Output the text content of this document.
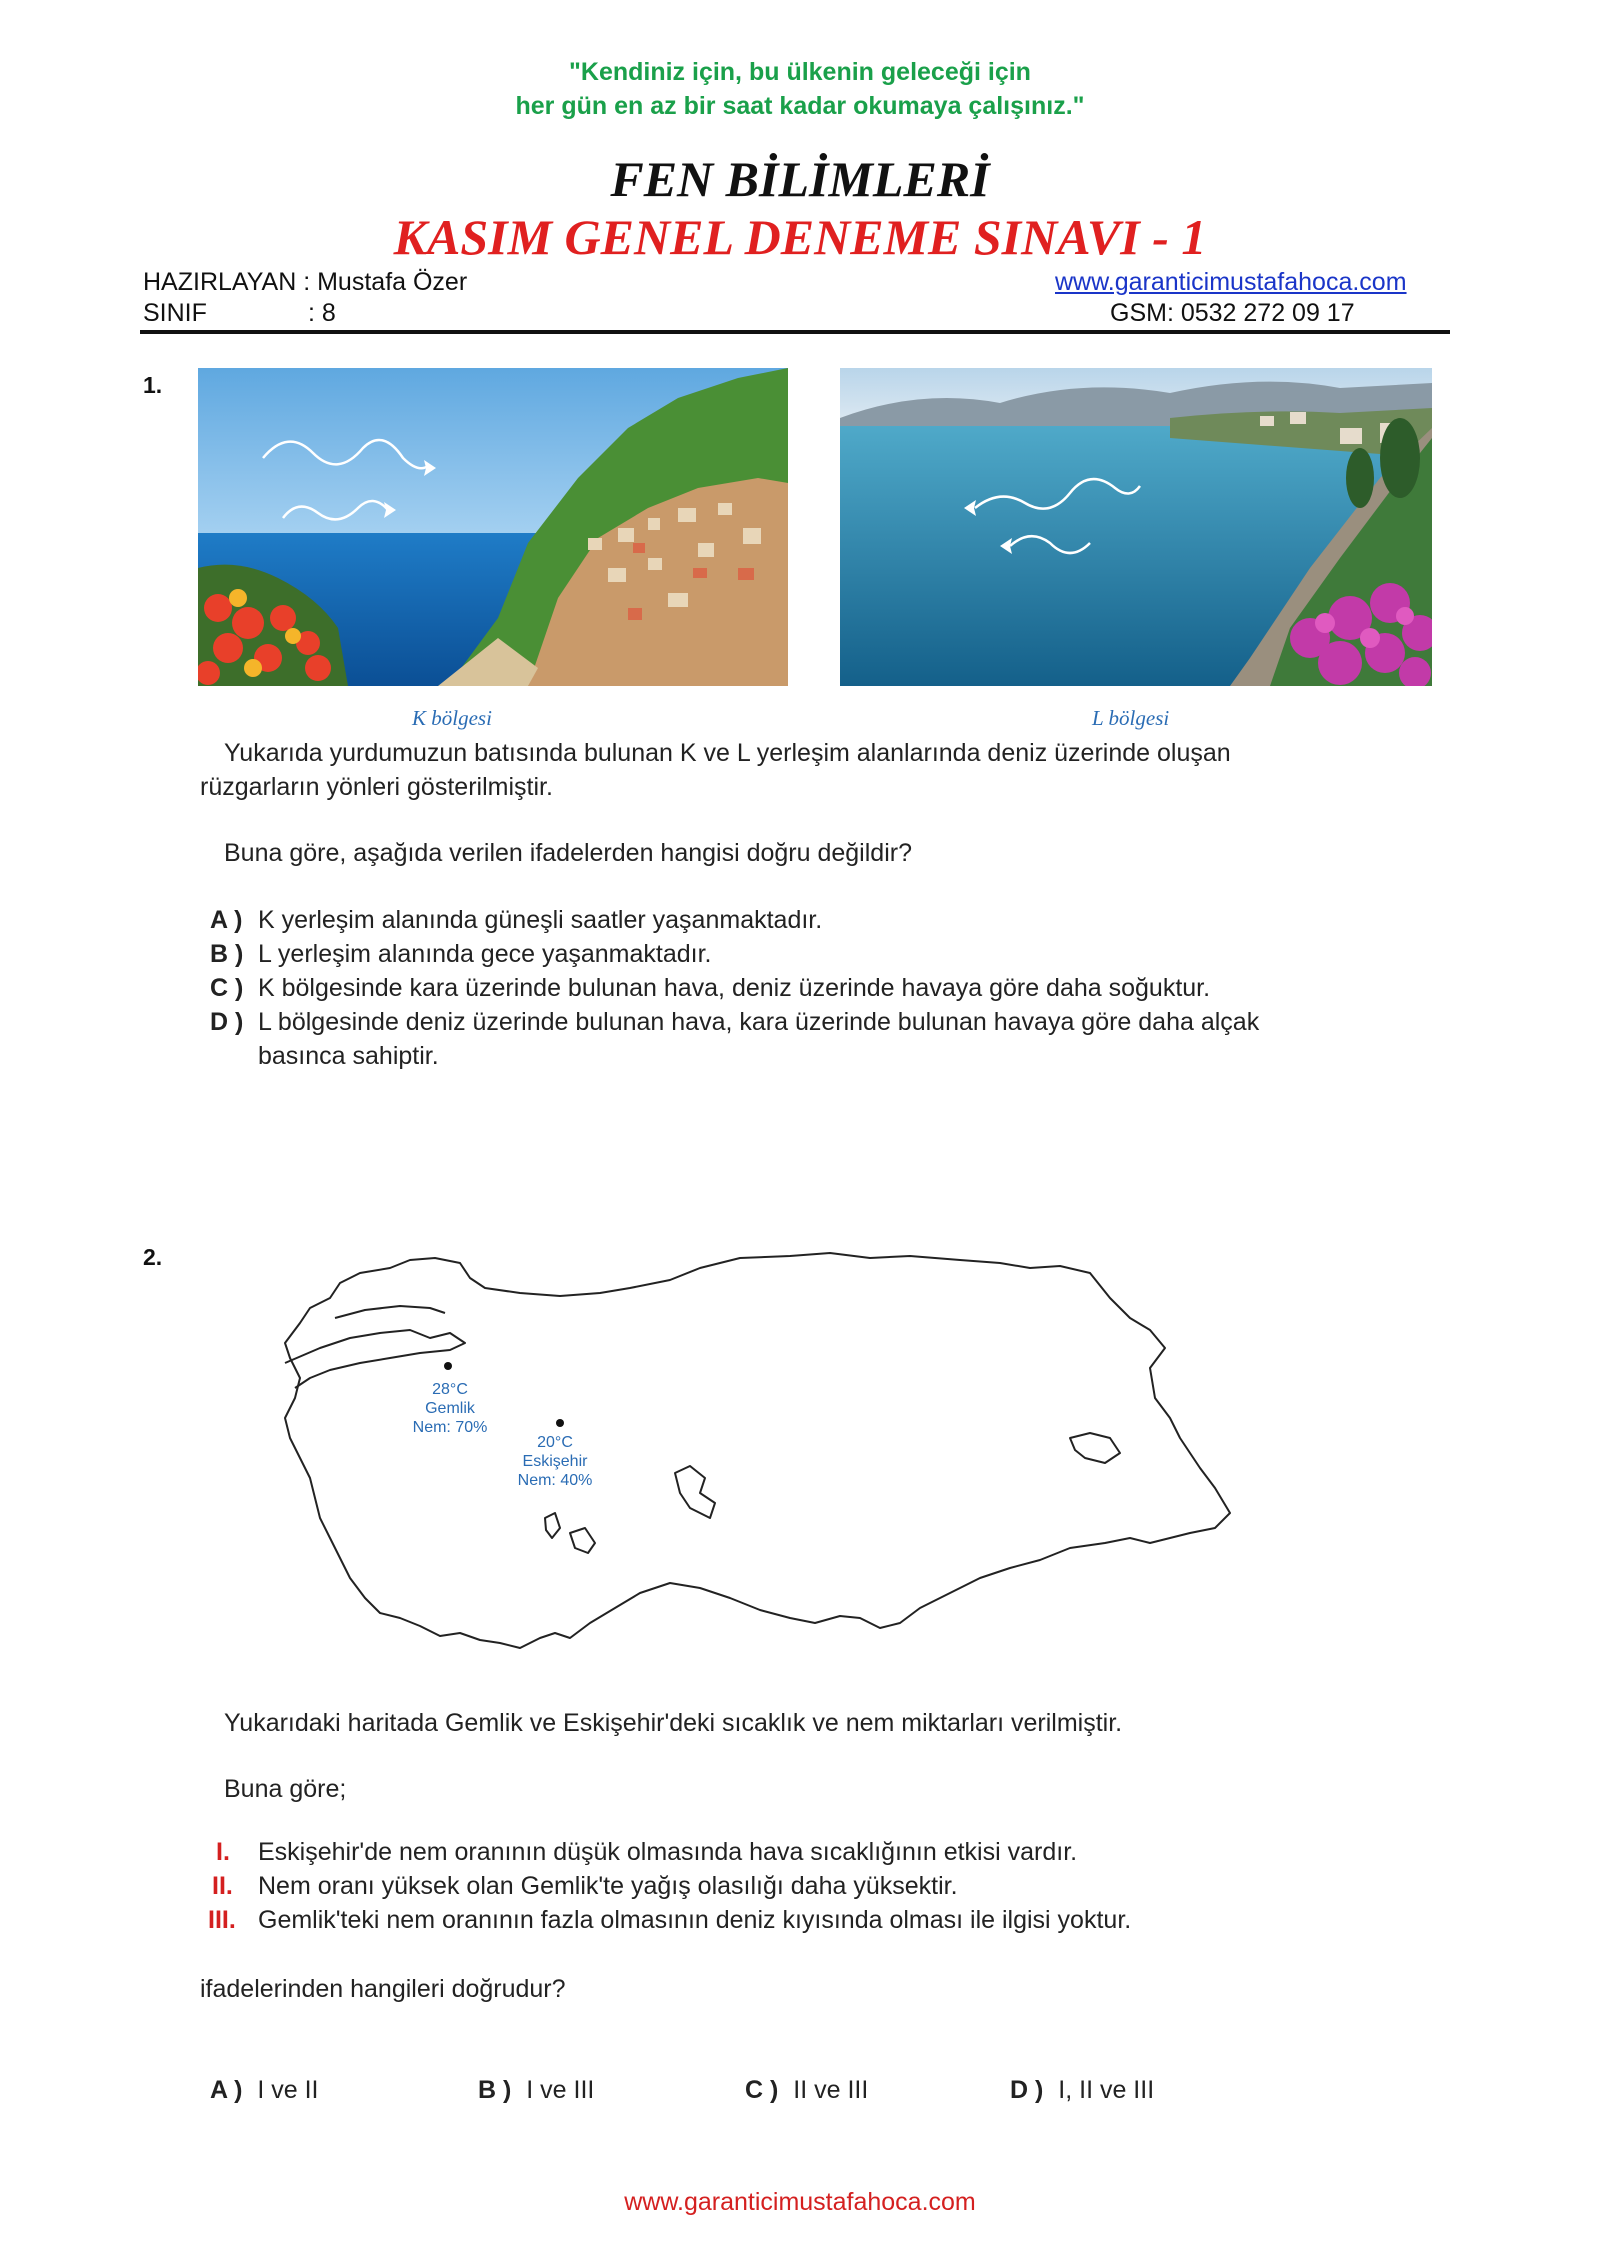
"Kendiniz için, bu ülkenin geleceği için
her gün en az bir saat kadar okumaya çalışınız."
FEN BİLİMLERİ
KASIM GENEL DENEME SINAVI - 1
HAZIRLAYAN : Mustafa Özer
SINIF	: 8
www.garanticimustafahoca.com
GSM: 0532 272 09 17
1.
K bölgesi	L bölgesi
Yukarıda yurdumuzun batısında bulunan K ve L yerleşim alanlarında deniz üzerinde oluşan
rüzgarların yönleri gösterilmiştir.
Buna göre, aşağıda verilen ifadelerden hangisi doğru değildir?
A ) K yerleşim alanında güneşli saatler yaşanmaktadır.
B ) L yerleşim alanında gece yaşanmaktadır.
C ) K bölgesinde kara üzerinde bulunan hava, deniz üzerinde havaya göre daha soğuktur.
D ) L bölgesinde deniz üzerinde bulunan hava, kara üzerinde bulunan havaya göre daha alçak
basınca sahiptir.
2.
28°C
Gemlik
Nem: 70%
20°C
Eskişehir
Nem: 40%
Yukarıdaki haritada Gemlik ve Eskişehir'deki sıcaklık ve nem miktarları verilmiştir.
Buna göre;
I. Eskişehir'de nem oranının düşük olmasında hava sıcaklığının etkisi vardır.
II. Nem oranı yüksek olan Gemlik'te yağış olasılığı daha yüksektir.
III. Gemlik'teki nem oranının fazla olmasının deniz kıyısında olması ile ilgisi yoktur.
ifadelerinden hangileri doğrudur?
A ) I ve II	B ) I ve III	C ) II ve III	D ) I, II ve III
www.garanticimustafahoca.com
